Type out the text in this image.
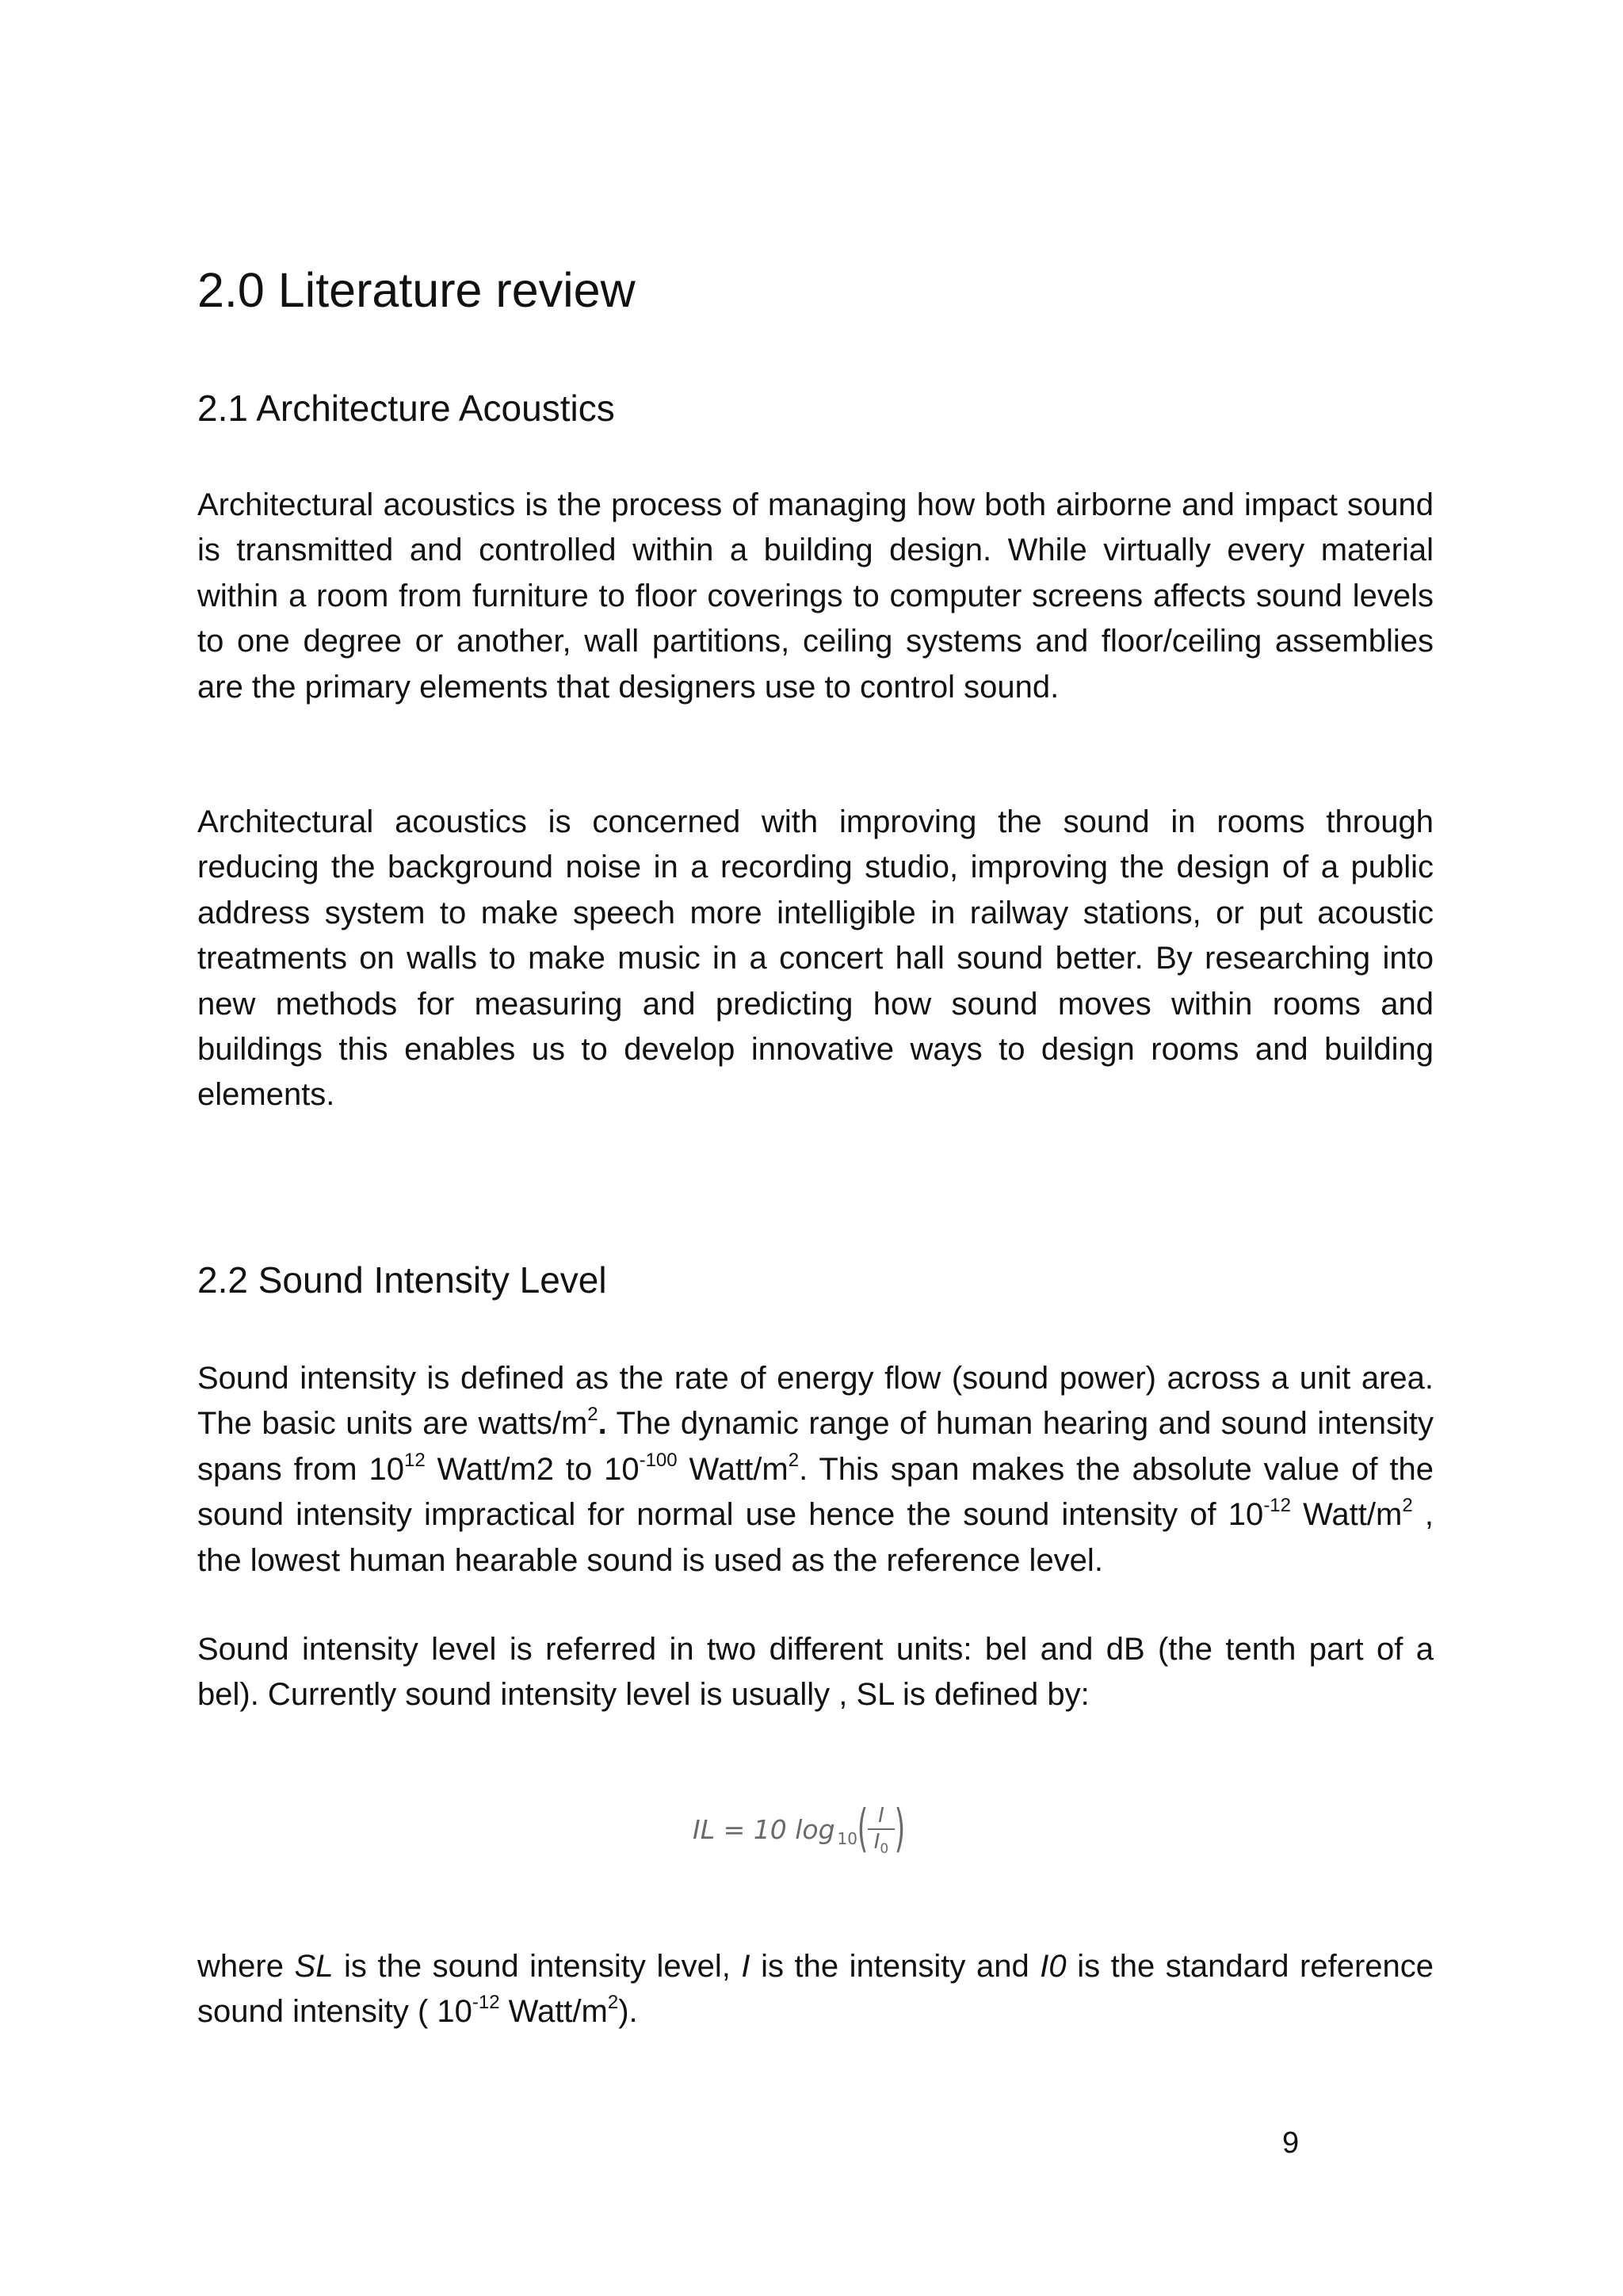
2.0 Literature review
2.1 Architecture Acoustics

Architectural acoustics is the process of managing how both airborne and impact sound is transmitted and controlled within a building design. While virtually every material within a room from furniture to floor coverings to computer screens affects sound levels to one degree or another, wall partitions, ceiling systems and floor/ceiling assemblies are the primary elements that designers use to control sound.

Architectural acoustics is concerned with improving the sound in rooms through reducing the background noise in a recording studio, improving the design of a public address system to make speech more intelligible in railway stations, or put acoustic treatments on walls to make music in a concert hall sound better. By researching into new methods for measuring and predicting how sound moves within rooms and buildings this enables us to develop innovative ways to design rooms and building elements.

2.2 Sound Intensity Level

Sound intensity is defined as the rate of energy flow (sound power) across a unit area. The basic units are watts/$m^2$. The dynamic range of human hearing and sound intensity spans from $10^{12}$ Watt/m2 to $10^{-100}$ Watt/$m^2$. This span makes the absolute value of the sound intensity impractical for normal use hence the sound intensity of $10^{-12}$ Watt/$m^2$ , the lowest human hearable sound is used as the reference level.

Sound intensity level is referred in two different units: bel and dB (the tenth part of a bel). Currently sound intensity level is usually , SL is defined by:

IL = 10 log 10 ( $\frac{I}{I_0}$ )

where SL is the sound intensity level, I is the intensity and I0 is the standard reference sound intensity ( $10^{-12}$ Watt/$m^2$).

9
